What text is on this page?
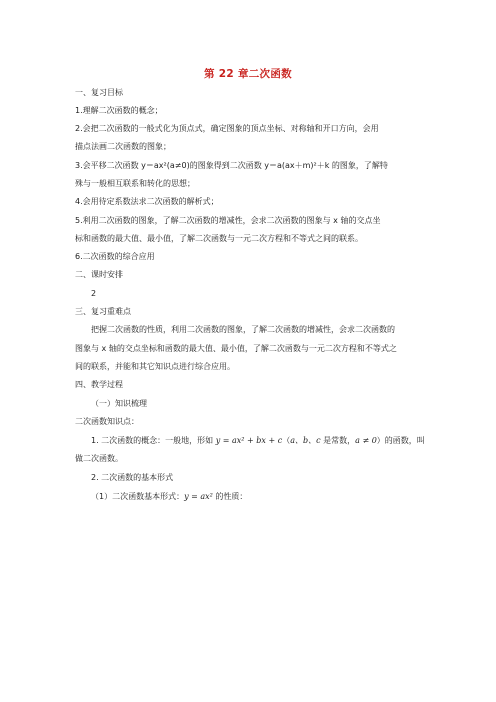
第 22 章二次函数
一、复习目标
1.理解二次函数的概念；
2.会把二次函数的一般式化为顶点式，确定图象的顶点坐标、对称轴和开口方向，会用
描点法画二次函数的图象；
3.会平移二次函数 y＝ax²(a≠0)的图象得到二次函数 y＝a(ax＋m)²＋k 的图象，了解特
殊与一般相互联系和转化的思想；
4.会用待定系数法求二次函数的解析式；
5.利用二次函数的图象，了解二次函数的增减性，会求二次函数的图象与 x 轴的交点坐
标和函数的最大值、最小值，了解二次函数与一元二次方程和不等式之间的联系。
6.二次函数的综合应用
二、课时安排
2
三、复习重难点
把握二次函数的性质，利用二次函数的图象，了解二次函数的增减性，会求二次函数的
图象与 x 轴的交点坐标和函数的最大值、最小值，了解二次函数与一元二次方程和不等式之
间的联系，并能和其它知识点进行综合应用。
四、教学过程
（一）知识梳理
二次函数知识点：
1. 二次函数的概念：一般地，形如 y = ax² + bx + c（a、b、c 是常数，a ≠ 0）的函数，叫
做二次函数。
2. 二次函数的基本形式
（1）二次函数基本形式：y = ax² 的性质：
